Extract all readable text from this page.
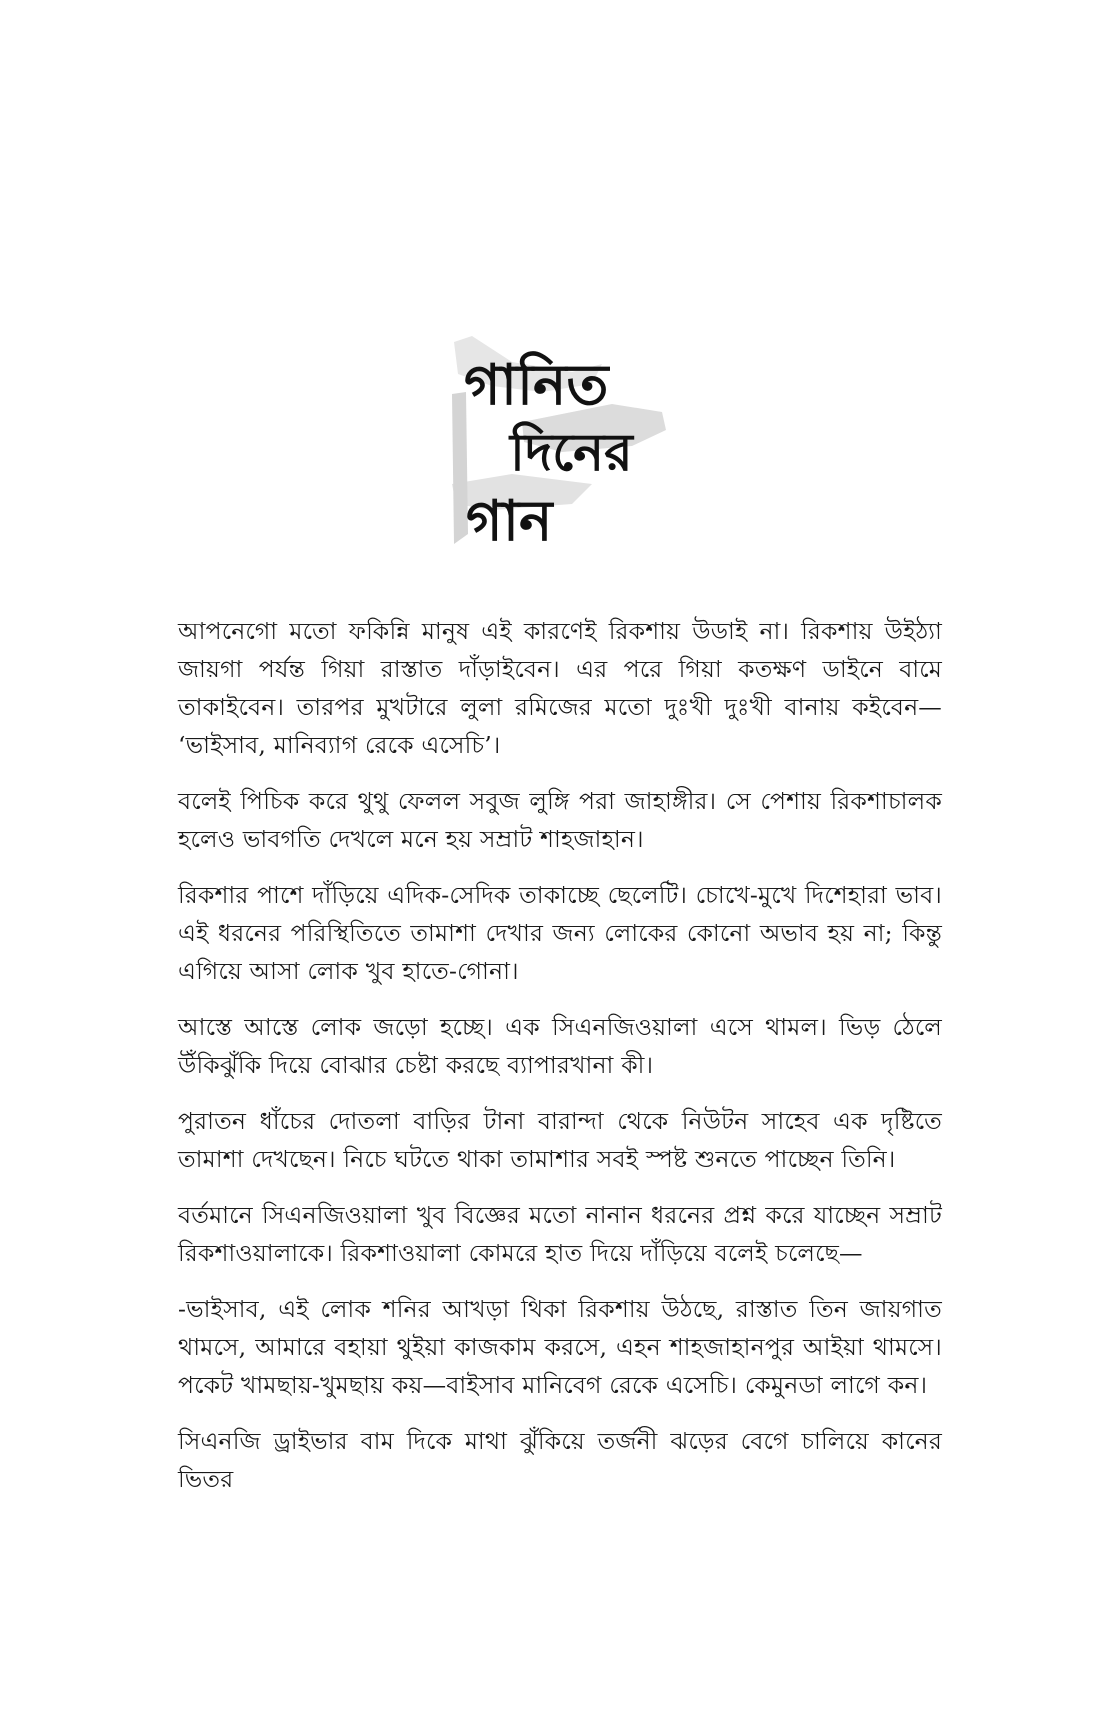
গানিত
দিনের
গান

আপনেগো মতো ফকিন্নি মানুষ এই কারণেই রিকশায় উডাই না। রিকশায় উইঠ্যা জায়গা পর্যন্ত গিয়া রাস্তাত দাঁড়াইবেন। এর পরে গিয়া কতক্ষণ ডাইনে বামে তাকাইবেন। তারপর মুখটারে লুলা রমিজের মতো দুঃখী দুঃখী বানায় কইবেন— ‘ভাইসাব, মানিব্যাগ রেকে এসেচি’।

বলেই পিচিক করে থুথু ফেলল সবুজ লুঙ্গি পরা জাহাঙ্গীর। সে পেশায় রিকশাচালক হলেও ভাবগতি দেখলে মনে হয় সম্রাট শাহজাহান।

রিকশার পাশে দাঁড়িয়ে এদিক-সেদিক তাকাচ্ছে ছেলেটি। চোখে-মুখে দিশেহারা ভাব। এই ধরনের পরিস্থিতিতে তামাশা দেখার জন্য লোকের কোনো অভাব হয় না; কিন্তু এগিয়ে আসা লোক খুব হাতে-গোনা।

আস্তে আস্তে লোক জড়ো হচ্ছে। এক সিএনজিওয়ালা এসে থামল। ভিড় ঠেলে উঁকিঝুঁকি দিয়ে বোঝার চেষ্টা করছে ব্যাপারখানা কী।

পুরাতন ধাঁচের দোতলা বাড়ির টানা বারান্দা থেকে নিউটন সাহেব এক দৃষ্টিতে তামাশা দেখছেন। নিচে ঘটতে থাকা তামাশার সবই স্পষ্ট শুনতে পাচ্ছেন তিনি।

বর্তমানে সিএনজিওয়ালা খুব বিজ্ঞের মতো নানান ধরনের প্রশ্ন করে যাচ্ছেন সম্রাট রিকশাওয়ালাকে। রিকশাওয়ালা কোমরে হাত দিয়ে দাঁড়িয়ে বলেই চলেছে—

-ভাইসাব, এই লোক শনির আখড়া থিকা রিকশায় উঠছে, রাস্তাত তিন জায়গাত থামসে, আমারে বহায়া থুইয়া কাজকাম করসে, এহন শাহজাহানপুর আইয়া থামসে। পকেট খামছায়-খুমছায় কয়—বাইসাব মানিবেগ রেকে এসেচি। কেমুনডা লাগে কন।

সিএনজি ড্রাইভার বাম দিকে মাথা ঝুঁকিয়ে তর্জনী ঝড়ের বেগে চালিয়ে কানের ভিতর
